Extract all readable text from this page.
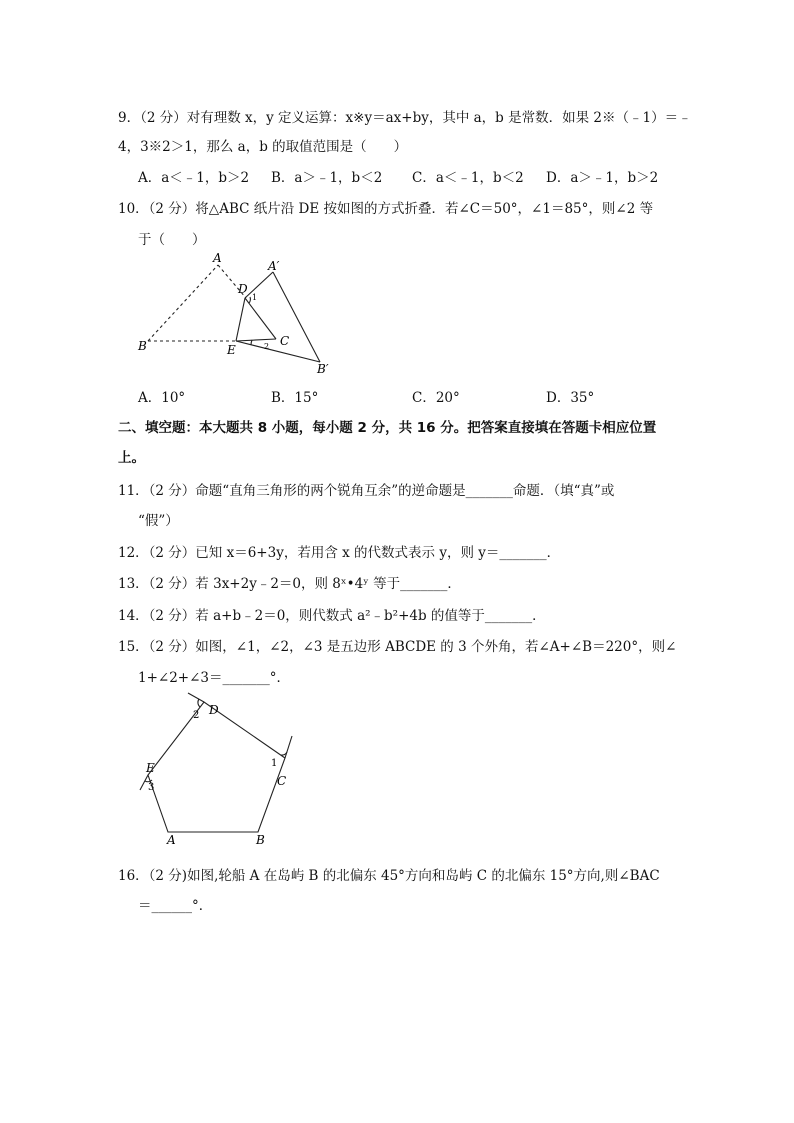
9．（2 分）对有理数 x，y 定义运算：x※y＝ax+by，其中 a，b 是常数．如果 2※（﹣1）＝﹣
4，3※2＞1，那么 a，b 的取值范围是（　　）
A．a＜﹣1，b＞2 B．a＞﹣1，b＜2 C．a＜﹣1，b＜2 D．a＞﹣1，b＞2
10．（2 分）将△ABC 纸片沿 DE 按如图的方式折叠．若∠C＝50°，∠1＝85°，则∠2 等
于（　　）
A
A′
D
B	E
C
B′
1
2
D
C
E
A	B
2
1
3
A．10°	B．15°	C．20°	D．35°
二、填空题：本大题共 8 小题，每小题 2 分，共 16 分。把答案直接填在答题卡相应位置
上。
11．（2 分）命题“直角三角形的两个锐角互余”的逆命题是_______命题．（填“真”或
“假”）
12．（2 分）已知 x＝6+3y，若用含 x 的代数式表示 y，则 y＝_______．
13．（2 分）若 3x+2y﹣2＝0，则 8ˣ•4ʸ 等于_______．
14．（2 分）若 a+b﹣2＝0，则代数式 a²﹣b²+4b 的值等于_______．
15．（2 分）如图，∠1，∠2，∠3 是五边形 ABCDE 的 3 个外角，若∠A+∠B＝220°，则∠
1+∠2+∠3＝_______°．
16．（2 分)如图,轮船 A 在岛屿 B 的北偏东 45°方向和岛屿 C 的北偏东 15°方向,则∠BAC
＝______°．
